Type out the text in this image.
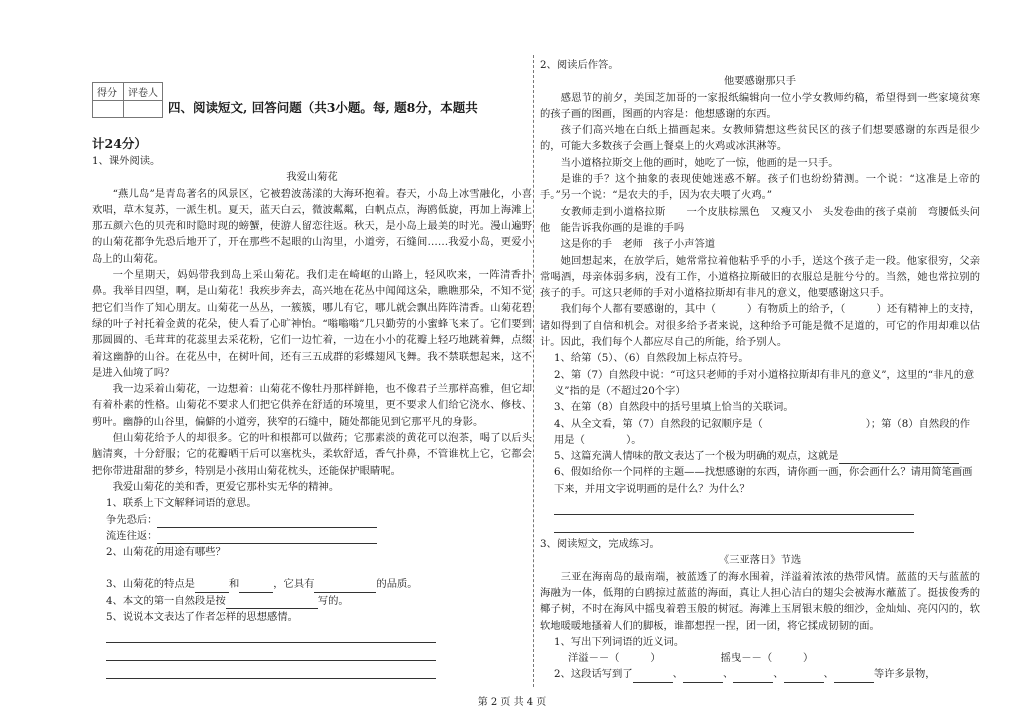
得分	评卷人

四、阅读短文, 回答问题（共3小题。每, 题8分，本题共
计24分）

1、课外阅读。

我爱山菊花

“燕儿岛”是青岛著名的风景区，它被碧波荡漾的大海环抱着。春天，小岛上冰雪融化，小喜欢唱，草木复苏，一派生机。夏天，蓝天白云，微波粼粼，白帆点点，海鸥低旋，再加上海滩上那五颜六色的贝壳和时隐时现的螃蟹，使游人留恋往返。秋天，是小岛上最美的时光。漫山遍野的山菊花都争先恐后地开了，开在那些不起眼的山沟里，小道旁，石缝间……我爱小岛，更爱小岛上的山菊花。

一个星期天，妈妈带我到岛上采山菊花。我们走在崎岖的山路上，轻风吹来，一阵清香扑鼻。我举目四望，啊，是山菊花！我疾步奔去，高兴地在花丛中闻闻这朵，瞧瞧那朵，不知不觉把它们当作了知心朋友。山菊花一丛丛，一簇簇，哪儿有它，哪儿就会飘出阵阵清香。山菊花碧绿的叶子衬托着金黄的花朵，使人看了心旷神怡。“嗡嗡嗡”几只勤劳的小蜜蜂飞来了。它们要到那圆圆的、毛茸茸的花蕊里去采花粉，它们一边忙着，一边在小小的花瓣上轻巧地跳着舞，点缀着这幽静的山谷。在花丛中，在树叶间，还有三五成群的彩蝶翅风飞舞。我不禁联想起来，这不是进入仙境了吗？

我一边采着山菊花，一边想着：山菊花不像牡丹那样鲜艳，也不像君子兰那样高雅，但它却有着朴素的性格。山菊花不要求人们把它供养在舒适的环境里，更不要求人们给它浇水、修枝、剪叶。幽静的山谷里，偏僻的小道旁，狭窄的石缝中，随处都能见到它那平凡的身影。

但山菊花给予人的却很多。它的叶和根都可以做药；它那素淡的黄花可以泡茶，喝了以后头脑清爽，十分舒服；它的花瓣晒干后可以塞枕头，柔软舒适，香气扑鼻，不管谁枕上它，它都会把你带进甜甜的梦乡，特别是小孩用山菊花枕头，还能保护眼睛呢。

我爱山菊花的美和香，更爱它那朴实无华的精神。

1、联系上下文解释词语的意思。

争先恐后：

流连往返：

2、山菊花的用途有哪些？

3、山菊花的特点是	和	，它具有	的品质。

4、本文的第一自然段是按	写的。

5、说说本文表达了作者怎样的思想感情。

2、阅读后作答。

他要感谢那只手

感恩节的前夕，美国芝加哥的一家报纸编辑向一位小学女教师约稿，希望得到一些家境贫寒的孩子画的图画，图画的内容是：他想感谢的东西。

孩子们高兴地在白纸上描画起来。女教师猜想这些贫民区的孩子们想要感谢的东西是很少的，可能大多数孩子会画上餐桌上的火鸡或冰淇淋等。

当小道格拉斯交上他的画时，她吃了一惊，他画的是一只手。

是谁的手？这个抽象的表现使她迷惑不解。孩子们也纷纷猜测。一个说：“这准是上帝的手。”另一个说：“是农夫的手，因为农夫喂了火鸡。”

女教师走到小道格拉斯　　一个皮肤棕黑色　又瘦又小　头发卷曲的孩子桌前　弯腰低头问他　能告诉我你画的是谁的手吗

这是你的手　老师　孩子小声答道

她回想起来，在放学后，她常常拉着他粘乎乎的小手，送这个孩子走一段。他家很穷，父亲常喝酒，母亲体弱多病，没有工作，小道格拉斯破旧的衣服总是脏兮兮的。当然，她也常拉别的孩子的手。可这只老师的手对小道格拉斯却有非凡的意义，他要感谢这只手。

我们每个人都有要感谢的，其中（　　　）有物质上的给予，（　　　）还有精神上的支持，诸如得到了自信和机会。对很多给予者来说，这种给予可能是微不足道的，可它的作用却难以估计。因此，我们每个人都应尽自己的所能，给予别人。

1、给第（5）、（6）自然段加上标点符号。

2、第（7）自然段中说：“可这只老师的手对小道格拉斯却有非凡的意义”，这里的“非凡的意义”指的是（不超过20个字）

3、在第（8）自然段中的括号里填上恰当的关联词。

4、从全文看，第（7）自然段的记叙顺序是（　　　　　　　　　　）；第（8）自然段的作用是（　　　　）。

5、这篇充满人情味的散文表达了一个极为明确的观点，这就是

6、假如给你一个同样的主题——找想感谢的东西，请你画一画，你会画什么？请用简笔画画下来，并用文字说明画的是什么？为什么？

3、阅读短文，完成练习。

《三亚落日》节选

三亚在海南岛的最南端，被蓝透了的海水围着，洋溢着浓浓的热带风情。蓝蓝的天与蓝蓝的海融为一体，低翔的白鸥掠过蓝蓝的海面，真让人担心洁白的翅尖会被海水蘸蓝了。挺拔俊秀的椰子树，不时在海风中摇曳着碧玉般的树冠。海滩上玉屑银末般的细沙，金灿灿、亮闪闪的，软软地暖暖地搔着人们的脚板，谁都想捏一捏，团一团，将它揉成韧韧的面。

1、写出下列词语的近义词。

洋溢－－（　　　）	摇曳－－（　　　）

2、这段话写到了	、	、	、	、	等许多景物，

第 2 页 共 4 页
